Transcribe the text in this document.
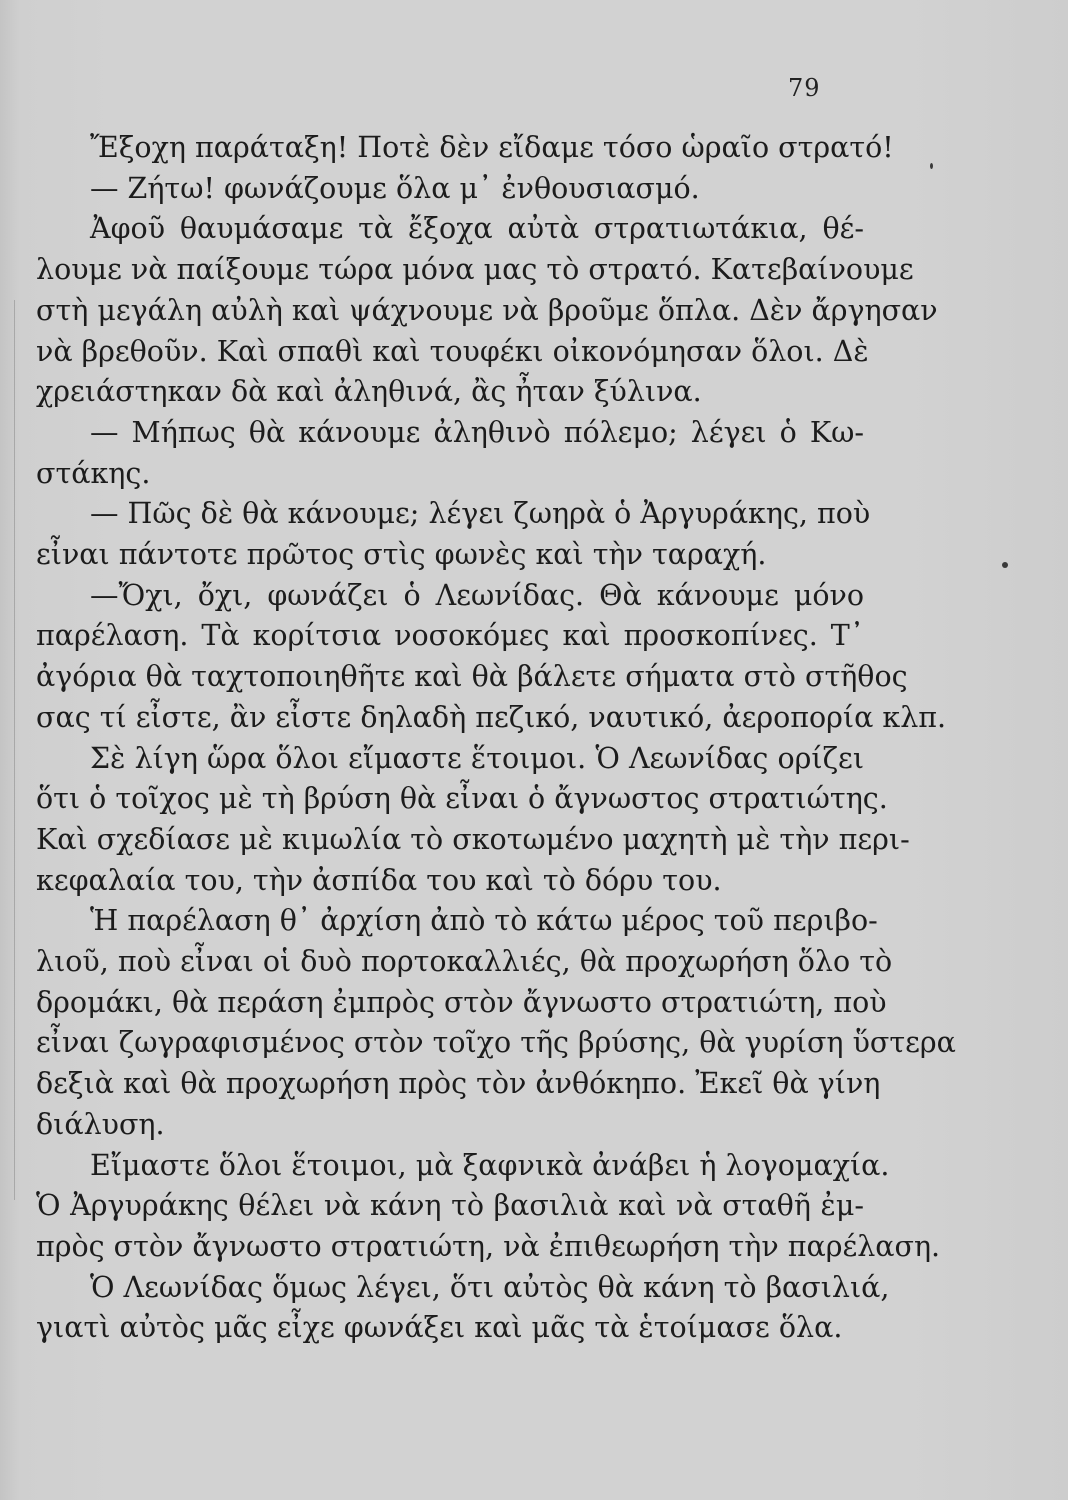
79
Ἔξοχη παράταξη! Ποτὲ δὲν εἴδαμε τόσο ὡραῖο στρατό!
— Ζήτω! φωνάζουμε ὅλα μ᾿ ἐνθουσιασμό.
Ἀφοῦ θαυμάσαμε τὰ ἔξοχα αὐτὰ στρατιωτάκια, θέ-
λουμε νὰ παίξουμε τώρα μόνα μας τὸ στρατό. Κατεβαίνουμε
στὴ μεγάλη αὐλὴ καὶ ψάχνουμε νὰ βροῦμε ὅπλα. Δὲν ἄργησαν
νὰ βρεθοῦν. Καὶ σπαθὶ καὶ τουφέκι οἰκονόμησαν ὅλοι. Δὲ
χρειάστηκαν δὰ καὶ ἀληθινά, ἂς ἦταν ξύλινα.
— Μήπως θὰ κάνουμε ἀληθινὸ πόλεμο; λέγει ὁ Κω-
στάκης.
— Πῶς δὲ θὰ κάνουμε; λέγει ζωηρὰ ὁ Ἀργυράκης, ποὺ
εἶναι πάντοτε πρῶτος στὶς φωνὲς καὶ τὴν ταραχή.
—Ὄχι, ὄχι, φωνάζει ὁ Λεωνίδας. Θὰ κάνουμε μόνο
παρέλαση. Τὰ κορίτσια νοσοκόμες καὶ προσκοπίνες. Τ᾿
ἀγόρια θὰ ταχτοποιηθῆτε καὶ θὰ βάλετε σήματα στὸ στῆθος
σας τί εἶστε, ἂν εἶστε δηλαδὴ πεζικό, ναυτικό, ἀεροπορία κλπ.
Σὲ λίγη ὥρα ὅλοι εἴμαστε ἕτοιμοι. Ὁ Λεωνίδας ορίζει
ὅτι ὁ τοῖχος μὲ τὴ βρύση θὰ εἶναι ὁ ἄγνωστος στρατιώτης.
Καὶ σχεδίασε μὲ κιμωλία τὸ σκοτωμένο μαχητὴ μὲ τὴν περι-
κεφαλαία του, τὴν ἀσπίδα του καὶ τὸ δόρυ του.
Ἡ παρέλαση θ᾿ ἀρχίση ἀπὸ τὸ κάτω μέρος τοῦ περιβο-
λιοῦ, ποὺ εἶναι οἱ δυὸ πορτοκαλλιές, θὰ προχωρήση ὅλο τὸ
δρομάκι, θὰ περάση ἐμπρὸς στὸν ἄγνωστο στρατιώτη, ποὺ
εἶναι ζωγραφισμένος στὸν τοῖχο τῆς βρύσης, θὰ γυρίση ὕστερα
δεξιὰ καὶ θὰ προχωρήση πρὸς τὸν ἀνθόκηπο. Ἐκεῖ θὰ γίνη
διάλυση.
Εἴμαστε ὅλοι ἕτοιμοι, μὰ ξαφνικὰ ἀνάβει ἡ λογομαχία.
Ὁ Ἀργυράκης θέλει νὰ κάνη τὸ βασιλιὰ καὶ νὰ σταθῆ ἐμ-
πρὸς στὸν ἄγνωστο στρατιώτη, νὰ ἐπιθεωρήση τὴν παρέλαση.
Ὁ Λεωνίδας ὅμως λέγει, ὅτι αὐτὸς θὰ κάνη τὸ βασιλιά,
γιατὶ αὐτὸς μᾶς εἶχε φωνάξει καὶ μᾶς τὰ ἑτοίμασε ὅλα.
